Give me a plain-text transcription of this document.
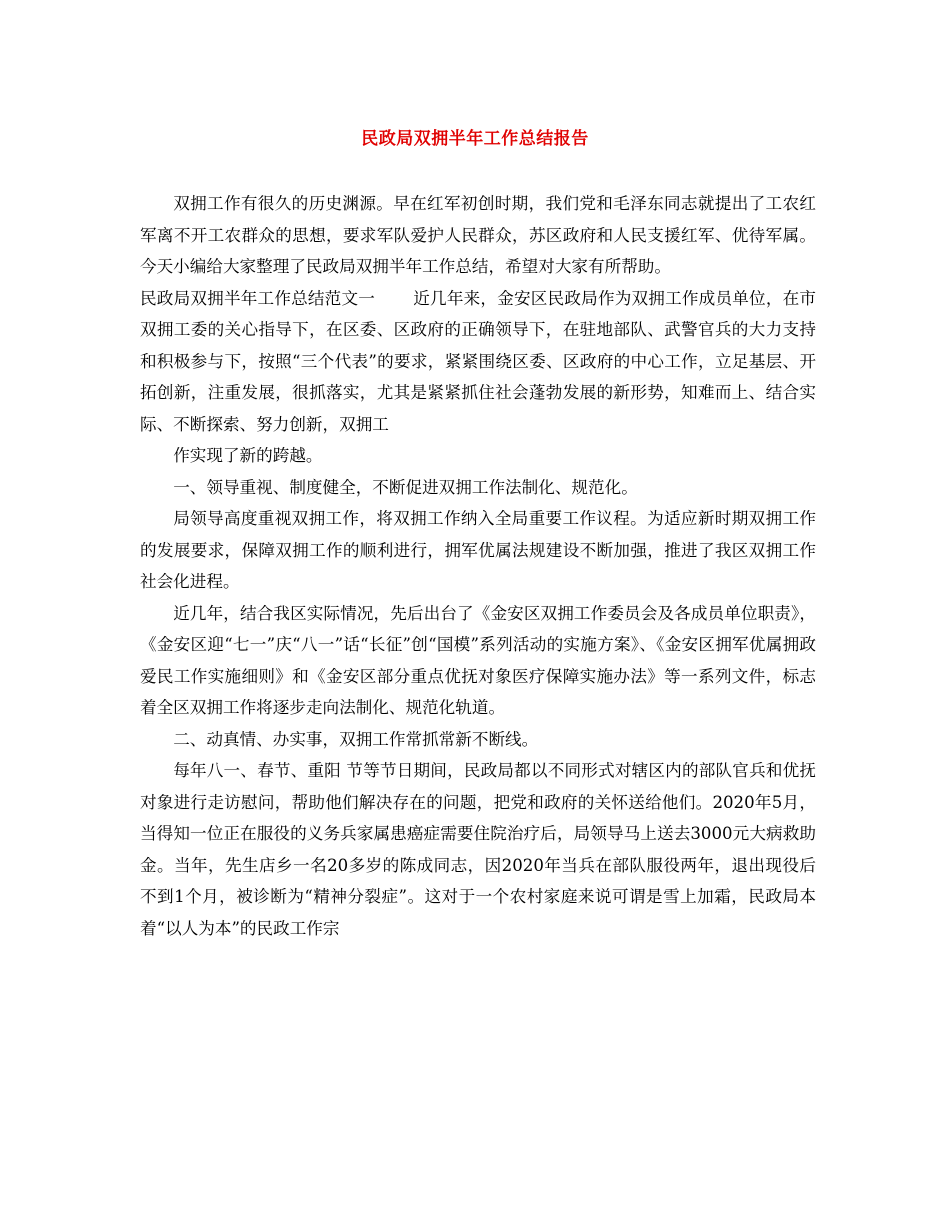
民政局双拥半年工作总结报告

双拥工作有很久的历史渊源。早在红军初创时期，我们党和毛泽东同志就提出了工农红军离不开工农群众的思想，要求军队爱护人民群众，苏区政府和人民支援红军、优待军属。今天小编给大家整理了民政局双拥半年工作总结，希望对大家有所帮助。

民政局双拥半年工作总结范文一 近几年来，金安区民政局作为双拥工作成员单位，在市双拥工委的关心指导下，在区委、区政府的正确领导下，在驻地部队、武警官兵的大力支持和积极参与下，按照“三个代表”的要求，紧紧围绕区委、区政府的中心工作，立足基层、开拓创新，注重发展，很抓落实，尤其是紧紧抓住社会蓬勃发展的新形势，知难而上、结合实际、不断探索、努力创新，双拥工

作实现了新的跨越。

一、领导重视、制度健全，不断促进双拥工作法制化、规范化。

局领导高度重视双拥工作，将双拥工作纳入全局重要工作议程。为适应新时期双拥工作的发展要求，保障双拥工作的顺利进行，拥军优属法规建设不断加强，推进了我区双拥工作社会化进程。

近几年，结合我区实际情况，先后出台了《金安区双拥工作委员会及各成员单位职责》，《金安区迎“七一”庆“八一”话“长征”创“国模”系列活动的实施方案》、《金安区拥军优属拥政爱民工作实施细则》和《金安区部分重点优抚对象医疗保障实施办法》等一系列文件，标志着全区双拥工作将逐步走向法制化、规范化轨道。

二、动真情、办实事，双拥工作常抓常新不断线。

每年八一、春节、重阳 节等节日期间，民政局都以不同形式对辖区内的部队官兵和优抚对象进行走访慰问，帮助他们解决存在的问题，把党和政府的关怀送给他们。2020年5月，当得知一位正在服役的义务兵家属患癌症需要住院治疗后，局领导马上送去3000元大病救助金。当年，先生店乡一名20多岁的陈成同志，因2020年当兵在部队服役两年，退出现役后不到1个月，被诊断为“精神分裂症”。这对于一个农村家庭来说可谓是雪上加霜，民政局本着“以人为本”的民政工作宗
